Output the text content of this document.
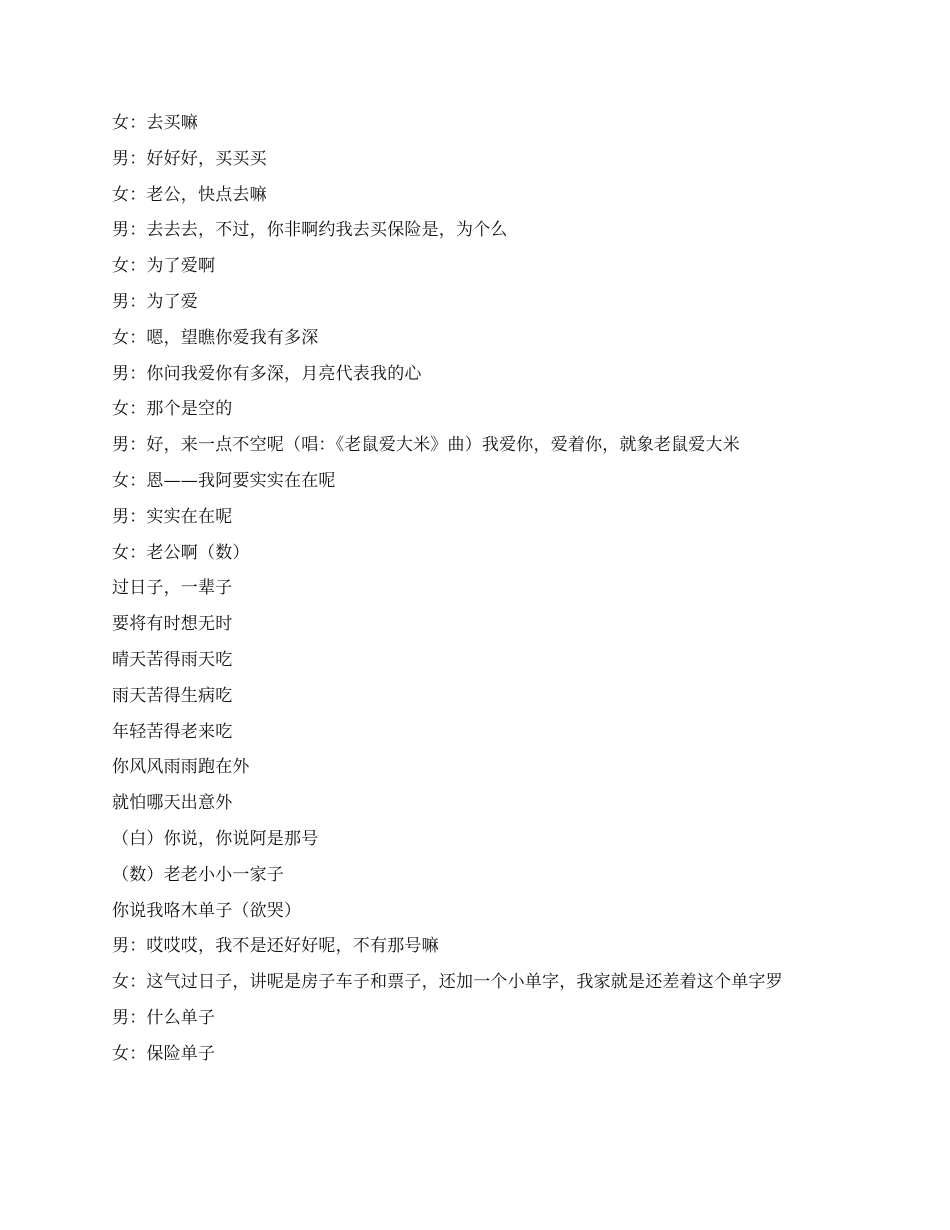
女：去买嘛
男：好好好，买买买
女：老公，快点去嘛
男：去去去，不过，你非啊约我去买保险是，为个么
女：为了爱啊
男：为了爱
女：嗯，望瞧你爱我有多深
男：你问我爱你有多深，月亮代表我的心
女：那个是空的
男：好，来一点不空呢（唱：《老鼠爱大米》曲）我爱你，爱着你，就象老鼠爱大米
女：恩——我阿要实实在在呢
男：实实在在呢
女：老公啊（数）
过日子，一辈子
要将有时想无时
晴天苦得雨天吃
雨天苦得生病吃
年轻苦得老来吃
你风风雨雨跑在外
就怕哪天出意外
（白）你说，你说阿是那号
（数）老老小小一家子
你说我咯木单子（欲哭）
男：哎哎哎，我不是还好好呢，不有那号嘛
女：这气过日子，讲呢是房子车子和票子，还加一个小单字，我家就是还差着这个单字罗
男：什么单子
女：保险单子
